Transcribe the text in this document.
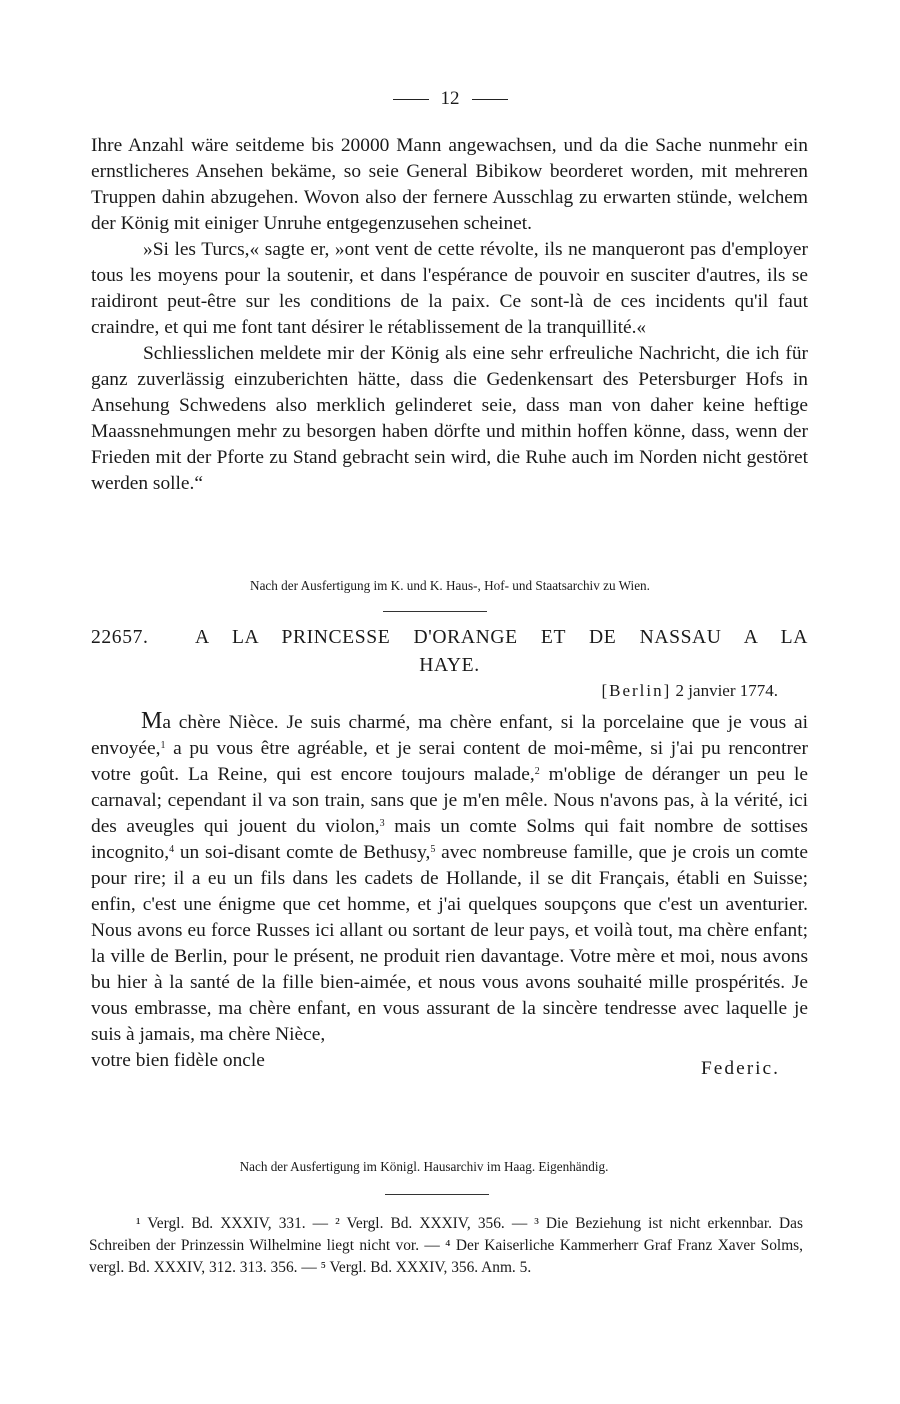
12

Ihre Anzahl wäre seitdeme bis 20000 Mann angewachsen, und da die Sache nunmehr ein ernstlicheres Ansehen bekäme, so seie General Bibikow beorderet worden, mit mehreren Truppen dahin abzugehen. Wovon also der fernere Ausschlag zu erwarten stünde, welchem der König mit einiger Unruhe entgegenzusehen scheinet.

»Si les Turcs,« sagte er, »ont vent de cette révolte, ils ne manqueront pas d'employer tous les moyens pour la soutenir, et dans l'espérance de pouvoir en susciter d'autres, ils se raidiront peut-être sur les conditions de la paix. Ce sont-là de ces incidents qu'il faut craindre, et qui me font tant désirer le rétablissement de la tranquillité.«

Schliesslichen meldete mir der König als eine sehr erfreuliche Nachricht, die ich für ganz zuverlässig einzuberichten hätte, dass die Gedenkensart des Petersburger Hofs in Ansehung Schwedens also merklich gelinderet seie, dass man von daher keine heftige Maassnehmungen mehr zu besorgen haben dörfte und mithin hoffen könne, dass, wenn der Frieden mit der Pforte zu Stand gebracht sein wird, die Ruhe auch im Norden nicht gestöret werden solle.“

Nach der Ausfertigung im K. und K. Haus-, Hof- und Staatsarchiv zu Wien.
22657. A LA PRINCESSE D'ORANGE ET DE NASSAU A LA
HAYE.
[Berlin] 2 janvier 1774.

Ma chère Nièce. Je suis charmé, ma chère enfant, si la porcelaine que je vous ai envoyée,$^1$ a pu vous être agréable, et je serai content de moi-même, si j'ai pu rencontrer votre goût. La Reine, qui est encore toujours malade,$^2$ m'oblige de déranger un peu le carnaval; cependant il va son train, sans que je m'en mêle. Nous n'avons pas, à la vérité, ici des aveugles qui jouent du violon,$^3$ mais un comte Solms qui fait nombre de sottises incognito,$^4$ un soi-disant comte de Bethusy,$^5$ avec nombreuse famille, que je crois un comte pour rire; il a eu un fils dans les cadets de Hollande, il se dit Français, établi en Suisse; enfin, c'est une énigme que cet homme, et j'ai quelques soupçons que c'est un aventurier. Nous avons eu force Russes ici allant ou sortant de leur pays, et voilà tout, ma chère enfant; la ville de Berlin, pour le présent, ne produit rien davantage. Votre mère et moi, nous avons bu hier à la santé de la fille bien-aimée, et nous vous avons souhaité mille prospérités. Je vous embrasse, ma chère enfant, en vous assurant de la sincère tendresse avec laquelle je suis à jamais, ma chère Nièce,

votre bien fidèle oncle	Federic.
Nach der Ausfertigung im Königl. Hausarchiv im Haag. Eigenhändig.

¹ Vergl. Bd. XXXIV, 331. — ² Vergl. Bd. XXXIV, 356. — ³ Die Beziehung ist nicht erkennbar. Das Schreiben der Prinzessin Wilhelmine liegt nicht vor. — ⁴ Der Kaiserliche Kammerherr Graf Franz Xaver Solms, vergl. Bd. XXXIV, 312. 313. 356. — ⁵ Vergl. Bd. XXXIV, 356. Anm. 5.
